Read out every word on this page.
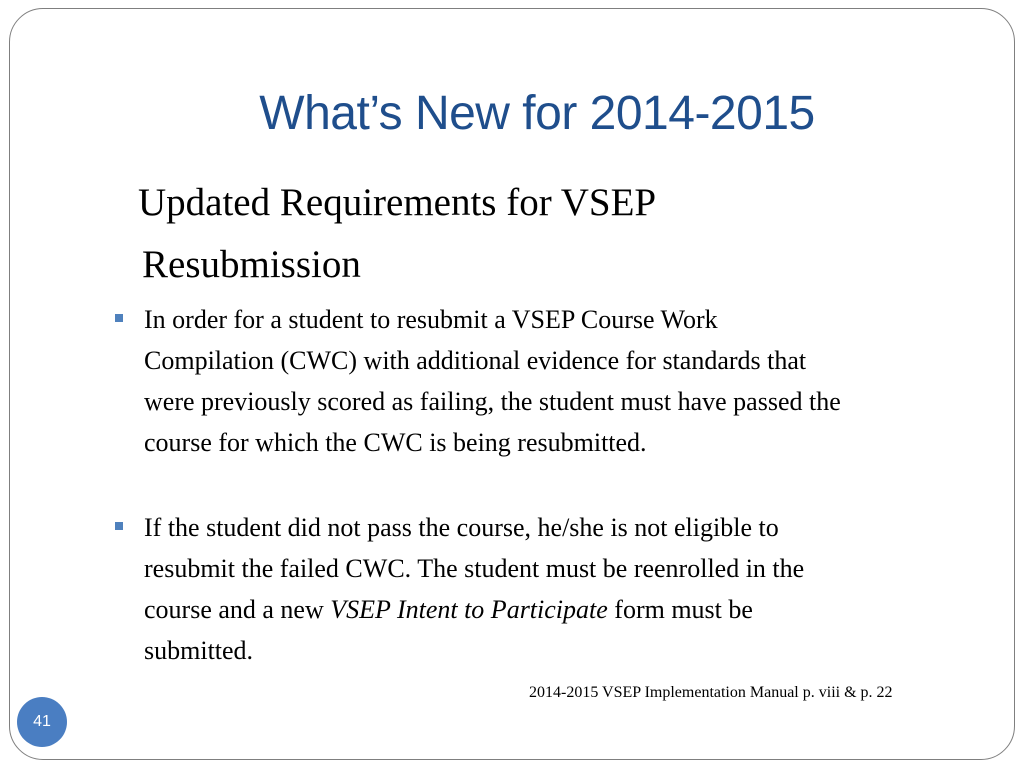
What’s New for 2014-2015
Updated Requirements for VSEP
Resubmission
In order for a student to resubmit a VSEP Course Work
Compilation (CWC) with additional evidence for standards that
were previously scored as failing, the student must have passed the
course for which the CWC is being resubmitted.
If the student did not pass the course, he/she is not eligible to
resubmit the failed CWC. The student must be reenrolled in the
course and a new VSEP Intent to Participate form must be
submitted.
2014-2015 VSEP Implementation Manual p. viii & p. 22
41
